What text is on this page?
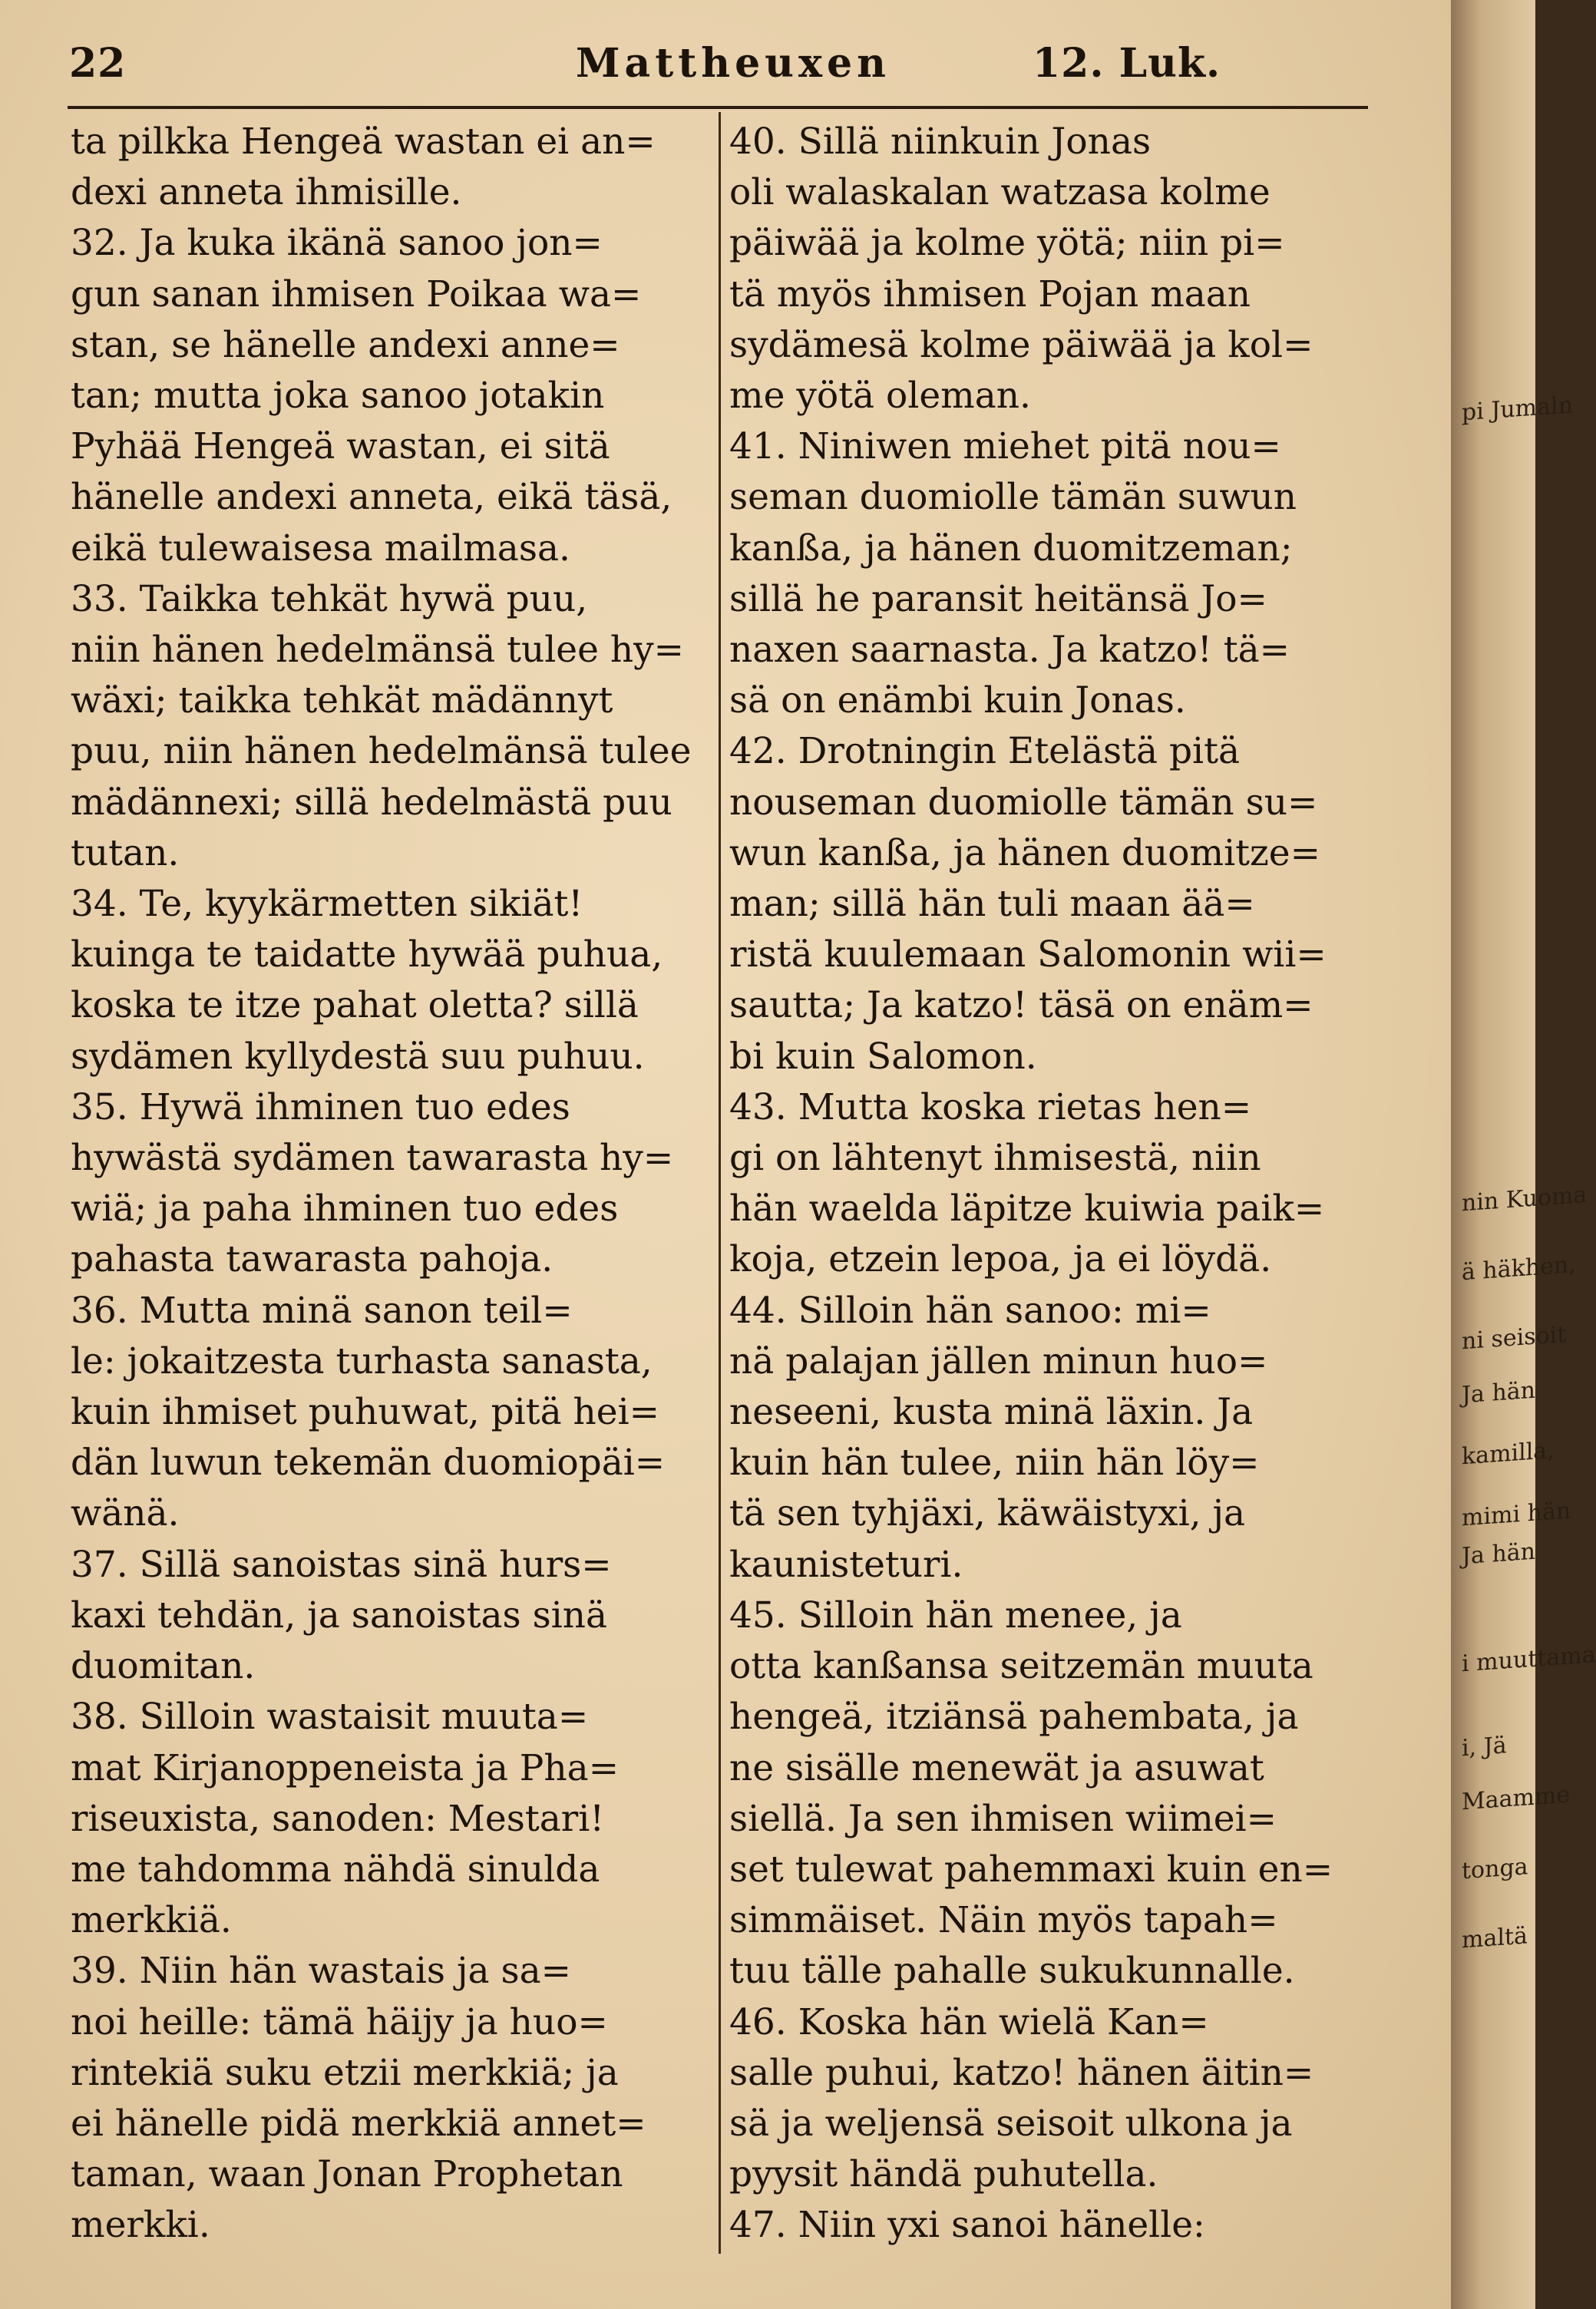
22	Mattheuxen	12. Luk.

ta pilkka Hengeä wastan ei an=

dexi anneta ihmisille.

32. Ja kuka ikänä sanoo jon=

gun sanan ihmisen Poikaa wa=

stan, se hänelle andexi anne=

tan; mutta joka sanoo jotakin

Pyhää Hengeä wastan, ei sitä

hänelle andexi anneta, eikä täsä,

eikä tulewaisesa mailmasa.

33. Taikka tehkät hywä puu,

niin hänen hedelmänsä tulee hy=

wäxi; taikka tehkät mädännyt

puu, niin hänen hedelmänsä tulee

mädännexi; sillä hedelmästä puu

tutan.

34. Te, kyykärmetten sikiät!

kuinga te taidatte hywää puhua,

koska te itze pahat oletta? sillä

sydämen kyllydestä suu puhuu.

35. Hywä ihminen tuo edes

hywästä sydämen tawarasta hy=

wiä; ja paha ihminen tuo edes

pahasta tawarasta pahoja.

36. Mutta minä sanon teil=

le: jokaitzesta turhasta sanasta,

kuin ihmiset puhuwat, pitä hei=

dän luwun tekemän duomiopäi=

wänä.

37. Sillä sanoistas sinä hurs=

kaxi tehdän, ja sanoistas sinä

duomitan.

38. Silloin wastaisit muuta=

mat Kirjanoppeneista ja Pha=

riseuxista, sanoden: Mestari!

me tahdomma nähdä sinulda

merkkiä.

39. Niin hän wastais ja sa=

noi heille: tämä häijy ja huo=

rintekiä suku etzii merkkiä; ja

ei hänelle pidä merkkiä annet=

taman, waan Jonan Prophetan

merkki.

40. Sillä niinkuin Jonas

oli walaskalan watzasa kolme

päiwää ja kolme yötä; niin pi=

tä myös ihmisen Pojan maan

sydämesä kolme päiwää ja kol=

me yötä oleman.

41. Niniwen miehet pitä nou=

seman duomiolle tämän suwun

kanßa, ja hänen duomitzeman;

sillä he paransit heitänsä Jo=

naxen saarnasta. Ja katzo! tä=

sä on enämbi kuin Jonas.

42. Drotningin Etelästä pitä

nouseman duomiolle tämän su=

wun kanßa, ja hänen duomitze=

man; sillä hän tuli maan ää=

ristä kuulemaan Salomonin wii=

sautta; Ja katzo! täsä on enäm=

bi kuin Salomon.

43. Mutta koska rietas hen=

gi on lähtenyt ihmisestä, niin

hän waelda läpitze kuiwia paik=

koja, etzein lepoa, ja ei löydä.

44. Silloin hän sanoo: mi=

nä palajan jällen minun huo=

neseeni, kusta minä läxin. Ja

kuin hän tulee, niin hän löy=

tä sen tyhjäxi, käwäistyxi, ja

kaunisteturi.

45. Silloin hän menee, ja

otta kanßansa seitzemän muuta

hengeä, itziänsä pahembata, ja

ne sisälle menewät ja asuwat

siellä. Ja sen ihmisen wiimei=

set tulewat pahemmaxi kuin en=

simmäiset. Näin myös tapah=

tuu tälle pahalle sukukunnalle.

46. Koska hän wielä Kan=

salle puhui, katzo! hänen äitin=

sä ja weljensä seisoit ulkona ja

pyysit händä puhutella.

47. Niin yxi sanoi hänelle:

pi Jumaln
nin Kuoma
ä häkhen,
ni seisoit
Ja hän
kamilla,
mimi hän
Ja hän
i muuttama
i, Jä
Maamme
tonga
maltä
